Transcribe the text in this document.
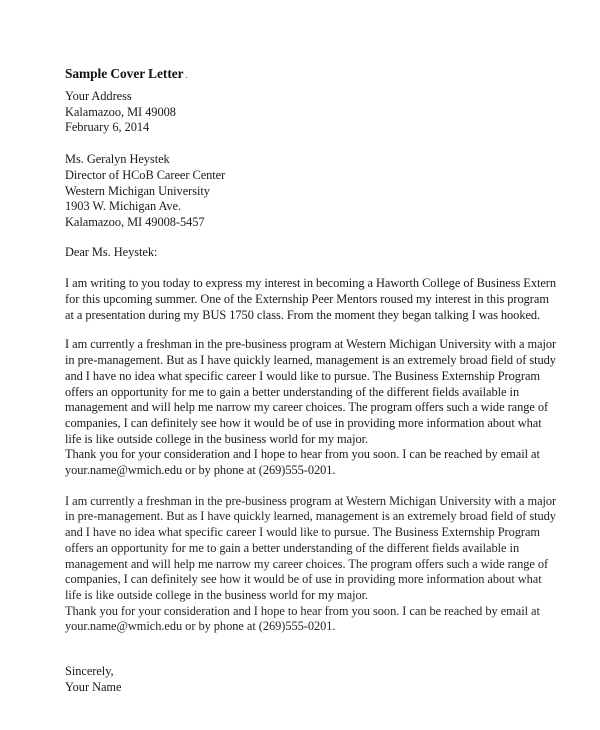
Sample Cover Letter .
Your Address
Kalamazoo, MI 49008
February 6, 2014
Ms. Geralyn Heystek
Director of HCoB Career Center
Western Michigan University
1903 W. Michigan Ave.
Kalamazoo, MI 49008-5457
Dear Ms. Heystek:
I am writing to you today to express my interest in becoming a Haworth College of Business Extern
for this upcoming summer. One of the Externship Peer Mentors roused my interest in this program
at a presentation during my BUS 1750 class. From the moment they began talking I was hooked.
I am currently a freshman in the pre-business program at Western Michigan University with a major
in pre-management. But as I have quickly learned, management is an extremely broad field of study
and I have no idea what specific career I would like to pursue. The Business Externship Program
offers an opportunity for me to gain a better understanding of the different fields available in
management and will help me narrow my career choices. The program offers such a wide range of
companies, I can definitely see how it would be of use in providing more information about what
life is like outside college in the business world for my major.
Thank you for your consideration and I hope to hear from you soon. I can be reached by email at
your.name@wmich.edu or by phone at (269)555-0201.
I am currently a freshman in the pre-business program at Western Michigan University with a major
in pre-management. But as I have quickly learned, management is an extremely broad field of study
and I have no idea what specific career I would like to pursue. The Business Externship Program
offers an opportunity for me to gain a better understanding of the different fields available in
management and will help me narrow my career choices. The program offers such a wide range of
companies, I can definitely see how it would be of use in providing more information about what
life is like outside college in the business world for my major.
Thank you for your consideration and I hope to hear from you soon. I can be reached by email at
your.name@wmich.edu or by phone at (269)555-0201.
Sincerely,
Your Name
